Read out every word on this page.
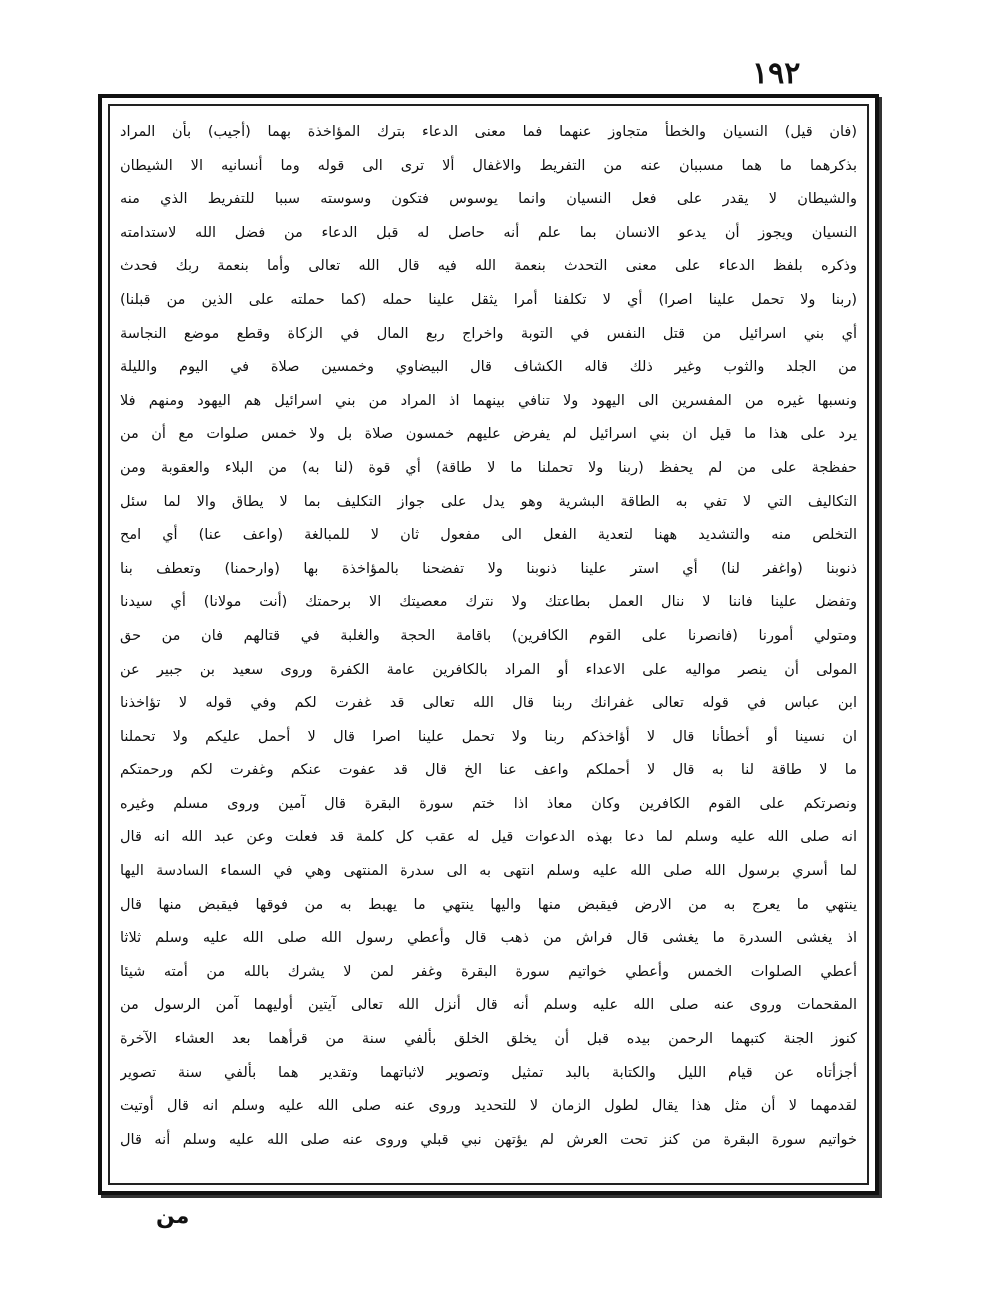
١٩٢
(فان قيل) النسيان والخطأ متجاوز عنهما فما معنى الدعاء بترك المؤاخذة بهما (أجيب) بأن المراد
بذكرهما ما هما مسببان عنه من التفريط والاغفال ألا ترى الى قوله وما أنسانيه الا الشيطان
والشيطان لا يقدر على فعل النسيان وانما يوسوس فتكون وسوسته سببا للتفريط الذي منه
النسيان ويجوز أن يدعو الانسان بما علم أنه حاصل له قبل الدعاء من فضل الله لاستدامته
وذكره بلفظ الدعاء على معنى التحدث بنعمة الله فيه قال الله تعالى وأما بنعمة ربك فحدث
(ربنا ولا تحمل علينا اصرا) أي لا تكلفنا أمرا يثقل علينا حمله (كما حملته على الذين من قبلنا)
أي بني اسرائيل من قتل النفس في التوبة واخراج ربع المال في الزكاة وقطع موضع النجاسة
من الجلد والثوب وغير ذلك قاله الكشاف قال البيضاوي وخمسين صلاة في اليوم والليلة
ونسبها غيره من المفسرين الى اليهود ولا تنافي بينهما اذ المراد من بني اسرائيل هم اليهود ومنهم فلا
يرد على هذا ما قيل ان بني اسرائيل لم يفرض عليهم خمسون صلاة بل ولا خمس صلوات مع أن من
حفظجة على من لم يحفظ (ربنا ولا تحملنا ما لا طاقة) أي قوة (لنا به) من البلاء والعقوبة ومن
التكاليف التي لا تفي به الطاقة البشرية وهو يدل على جواز التكليف بما لا يطاق والا لما سئل
التخلص منه والتشديد ههنا لتعدية الفعل الى مفعول ثان لا للمبالغة (واعف عنا) أي امح
ذنوبنا (واغفر لنا) أي استر علينا ذنوبنا ولا تفضحنا بالمؤاخذة بها (وارحمنا) وتعطف بنا
وتفضل علينا فاننا لا ننال العمل بطاعتك ولا نترك معصيتك الا برحمتك (أنت مولانا) أي سيدنا
ومتولي أمورنا (فانصرنا على القوم الكافرين) باقامة الحجة والغلبة في قتالهم فان من حق
المولى أن ينصر مواليه على الاعداء أو المراد بالكافرين عامة الكفرة وروى سعيد بن جبير عن
ابن عباس في قوله تعالى غفرانك ربنا قال الله تعالى قد غفرت لكم وفي قوله لا تؤاخذنا
ان نسينا أو أخطأنا قال لا أؤاخذكم ربنا ولا تحمل علينا اصرا قال لا أحمل عليكم ولا تحملنا
ما لا طاقة لنا به قال لا أحملكم واعف عنا الخ قال قد عفوت عنكم وغفرت لكم ورحمتكم
ونصرتكم على القوم الكافرين وكان معاذ اذا ختم سورة البقرة قال آمين وروى مسلم وغيره
انه صلى الله عليه وسلم لما دعا بهذه الدعوات قيل له عقب كل كلمة قد فعلت وعن عبد الله انه قال
لما أسري برسول الله صلى الله عليه وسلم انتهى به الى سدرة المنتهى وهي في السماء السادسة اليها
ينتهي ما يعرج به من الارض فيقبض منها واليها ينتهي ما يهبط به من فوقها فيقبض منها قال
اذ يغشى السدرة ما يغشى قال فراش من ذهب قال وأعطي رسول الله صلى الله عليه وسلم ثلاثا
أعطي الصلوات الخمس وأعطي خواتيم سورة البقرة وغفر لمن لا يشرك بالله من أمته شيئا
المقحمات وروى عنه صلى الله عليه وسلم أنه قال أنزل الله تعالى آيتين أوليهما آمن الرسول من
كنوز الجنة كتبهما الرحمن بيده قبل أن يخلق الخلق بألفي سنة من قرأهما بعد العشاء الآخرة
أجزأتاه عن قيام الليل والكتابة بالبد تمثيل وتصوير لاثباتهما وتقدير هما بألفي سنة تصوير
لقدمهما لا أن مثل هذا يقال لطول الزمان لا للتحديد وروى عنه صلى الله عليه وسلم انه قال أوتيت
خواتيم سورة البقرة من كنز تحت العرش لم يؤتهن نبي قبلي وروى عنه صلى الله عليه وسلم أنه قال
من
